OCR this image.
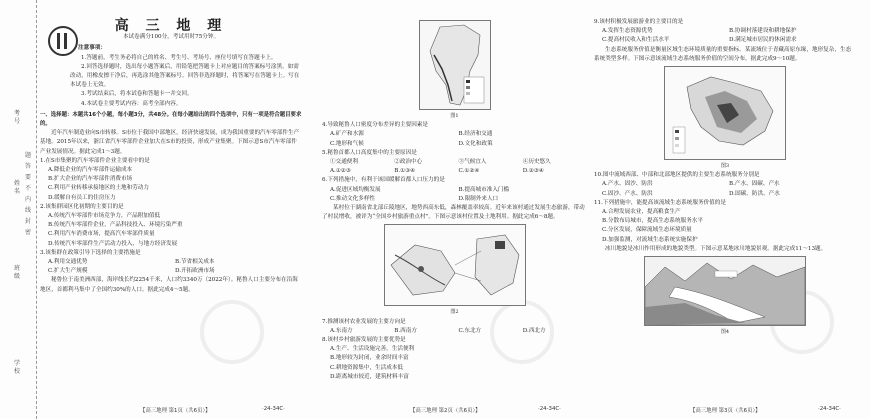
考号
姓名
班级
学校
题
答
要
不
内
线
封
密

高 三 地 理

本试卷满分100分，考试用时75分钟。

注意事项：

1.答题前，考生务必将自己的姓名、考生号、考场号、座位号填写在答题卡上。

2.回答选择题时，选出每小题答案后，用铅笔把答题卡上对应题目的答案标号涂黑。如需改动，用橡皮擦干净后，再选涂其他答案标号。回答非选择题时，将答案写在答题卡上。写在本试卷上无效。

3.考试结束后，将本试卷和答题卡一并交回。

4.本试卷主要考试内容：高考全部内容。

一、选择题：本题共16个小题，每小题3分，共48分。在每小题给出的四个选项中，只有一项是符合题目要求的。

近年汽车制造业向S市转移。S市位于我国中部地区，经济快速发展，成为我国重要的汽车零部件生产基地。2015年以来，浙江省汽车零部件企业加大在S市的投资，形成产业集聚。下图示意S市汽车零部件产业发展情况。据此完成1～3题。

1.在S市集聚的汽车零部件企业主要看中的是

A.降低企业的汽车零部件运输成本

B.扩大企业的汽车零部件消费市场

C.利用产业转移承接地区的土地和劳动力

D.缓解自有员工的住房压力

2.该集群园区化初期的主要目的是

A.传统汽车零部件市场竞争力，产品附加值低

B.传统汽车零部件企业，产品科技投入、环境污染严重

C.利用汽车消费市场，提高汽车零部件质量

D.传统汽车零部件生产活动力投入，与地方经济发展

3.该集群在政策引导下选择的主要措施是

A.利用交通优势	B.节省相关成本
C.扩大生产规模	D.开拓欧洲市场

秘鲁位于南美洲西部，海岸线长约2254千米，人口约3340万（2022年）。秘鲁人口主要分布在沿海地区，首都利马集中了全国约30%的人口。据此完成4～5题。

图1

4.导致秘鲁人口密度分布差异的主要因素是

A.矿产和水源	B.经济和交通
C.地形和气候	D.文化和政策

5.秘鲁首都人口高度集中的主要原因是

①交通便利	②政治中心	③气候宜人	④历史悠久
A.①②③	B.①③④	C.①②④	D.②③④

6.下列措施中，有利于该国缓解首都人口压力的是

A.促进区域均衡发展	B.提高城市准入门槛
C.推动文化多样性	D.限制外来人口

某村位于湖南省北部丘陵地区，地势西高东低，森林覆盖率较高。近年来该村通过发展生态旅游，带动了村民增收，被评为“全国乡村旅游重点村”。下图示意该村位置及土地利用。据此完成6～8题。

图2

7.推测该村农业发展的主要方向是

A.东南方	B.西南方	C.东北方	D.西北方

8.该村乡村旅游发展的主要优势是

A.生产、生活设施完善，生活便利

B.地形较为封闭，业余时间丰富

C.耕地资源集中，生活成本低

D.距离城市较近，建筑材料丰富

9.该村积极发展旅游业的主要目的是

A.发挥生态资源优势	B.协调村落建设和耕地保护
C.提高村民收入和生活水平	D.满足城市居民的休闲需求

生态系统服务价值是衡量区域生态环境质量的重要指标。某流域位于青藏高原东缘，地形复杂，生态系统类型多样。下图示意该流域生态系统服务价值的空间分布。据此完成9～10题。

图3

10.图中流域西部、中部和北部地区提供的主要生态系统服务分别是

A.产水、固沙、防洪	B.产水、固碳、产水
C.固沙、产水、防洪	D.固碳、防洪、产水

11.下列措施中，能提高该流域生态系统服务价值的是

A.合理发展农业，提高粮食生产

B.分散布局城市，提高生态系统服务水平

C.分区发展，保障流域生态环境质量

D.加强监测，对流域生态系统实施保护

冰川地貌是冰川作用形成的地貌类型。下图示意某地冰川地貌景观。据此完成11～13题。

图4

【高三地理 第1页（共6页）】	·24-34C·	【高三地理 第2页（共6页）】	·24-34C·	【高三地理 第3页（共6页）】	·24-34C·
